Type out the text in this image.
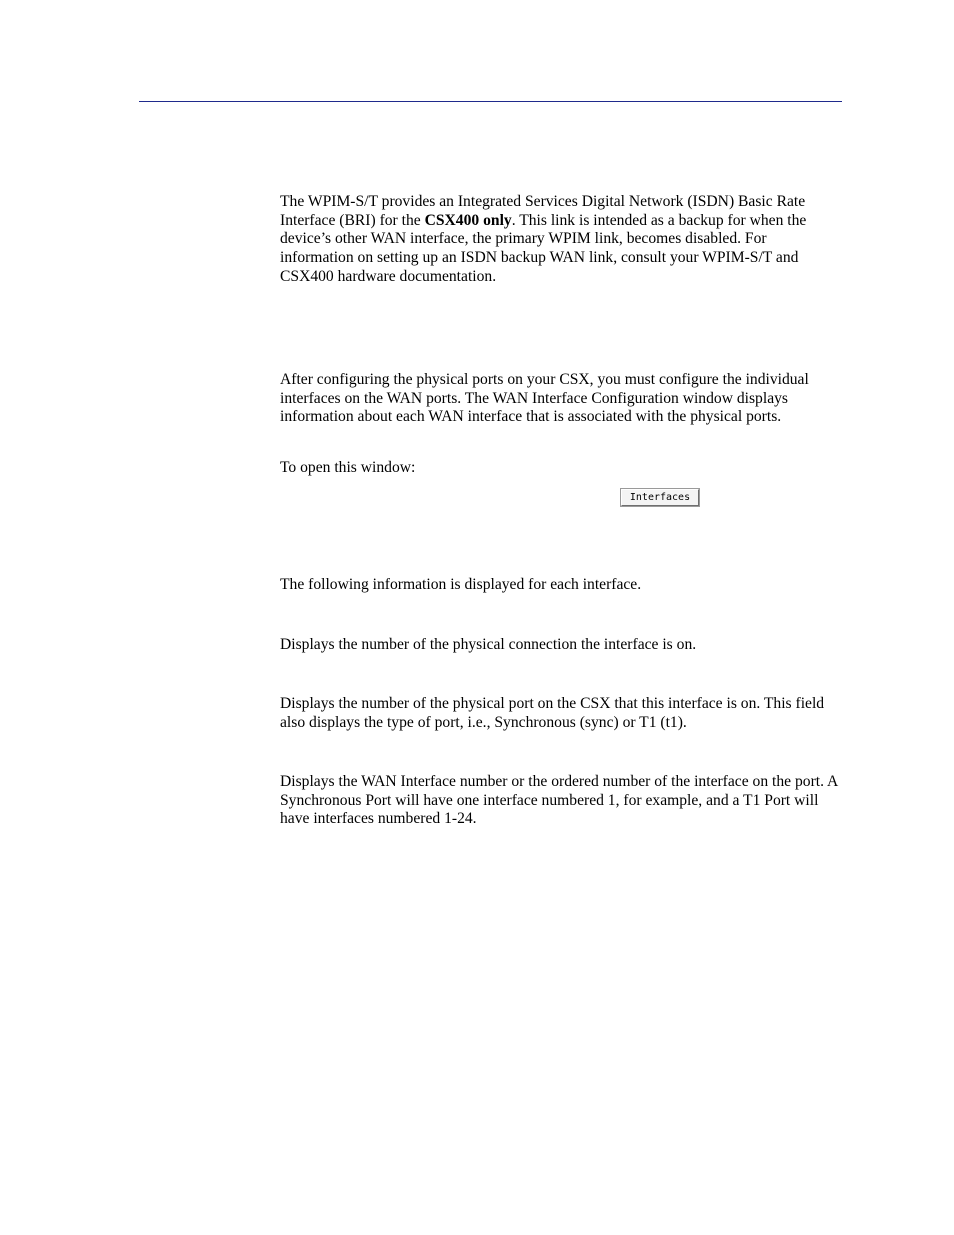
The WPIM-S/T provides an Integrated Services Digital Network (ISDN) Basic Rate Interface (BRI) for the CSX400 only. This link is intended as a backup for when the device’s other WAN interface, the primary WPIM link, becomes disabled. For information on setting up an ISDN backup WAN link, consult your WPIM-S/T and CSX400 hardware documentation.

After configuring the physical ports on your CSX, you must configure the individual interfaces on the WAN ports. The WAN Interface Configuration window displays information about each WAN interface that is associated with the physical ports.

To open this window:

Interfaces

The following information is displayed for each interface.

Displays the number of the physical connection the interface is on.

Displays the number of the physical port on the CSX that this interface is on. This field also displays the type of port, i.e., Synchronous (sync) or T1 (t1).

Displays the WAN Interface number or the ordered number of the interface on the port. A Synchronous Port will have one interface numbered 1, for example, and a T1 Port will have interfaces numbered 1-24.
